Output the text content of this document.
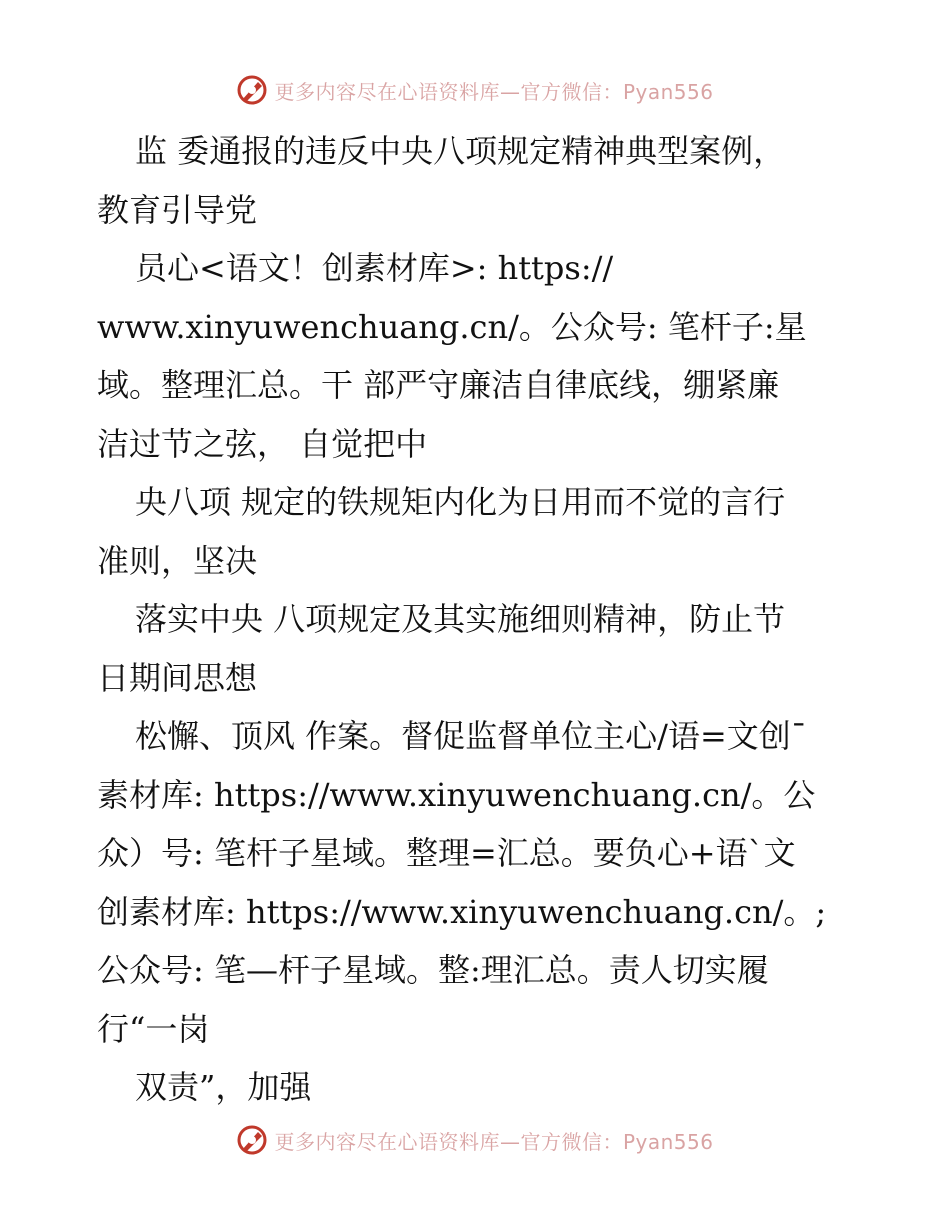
更多内容尽在心语资料库—官方微信：Pyan556
监 委通报的违反中央八项规定精神典型案例，
教育引导党
员心<语文！创素材库>: https://
www.xinyuwenchuang.cn/。公众号: 笔杆子:星
域。整理汇总。干 部严守廉洁自律底线，绷紧廉
洁过节之弦， 自觉把中
央八项 规定的铁规矩内化为日用而不觉的言行
准则，坚决
落实中央 八项规定及其实施细则精神，防止节
日期间思想
松懈、顶风 作案。督促监督单位主心/语=文创¯
素材库: https://www.xinyuwenchuang.cn/。公
众）号: 笔杆子星域。整理=汇总。要负心+语`文
创素材库: https://www.xinyuwenchuang.cn/。;
公众号: 笔—杆子星域。整:理汇总。责人切实履
行“一岗
双责”，加强
更多内容尽在心语资料库—官方微信：Pyan556
